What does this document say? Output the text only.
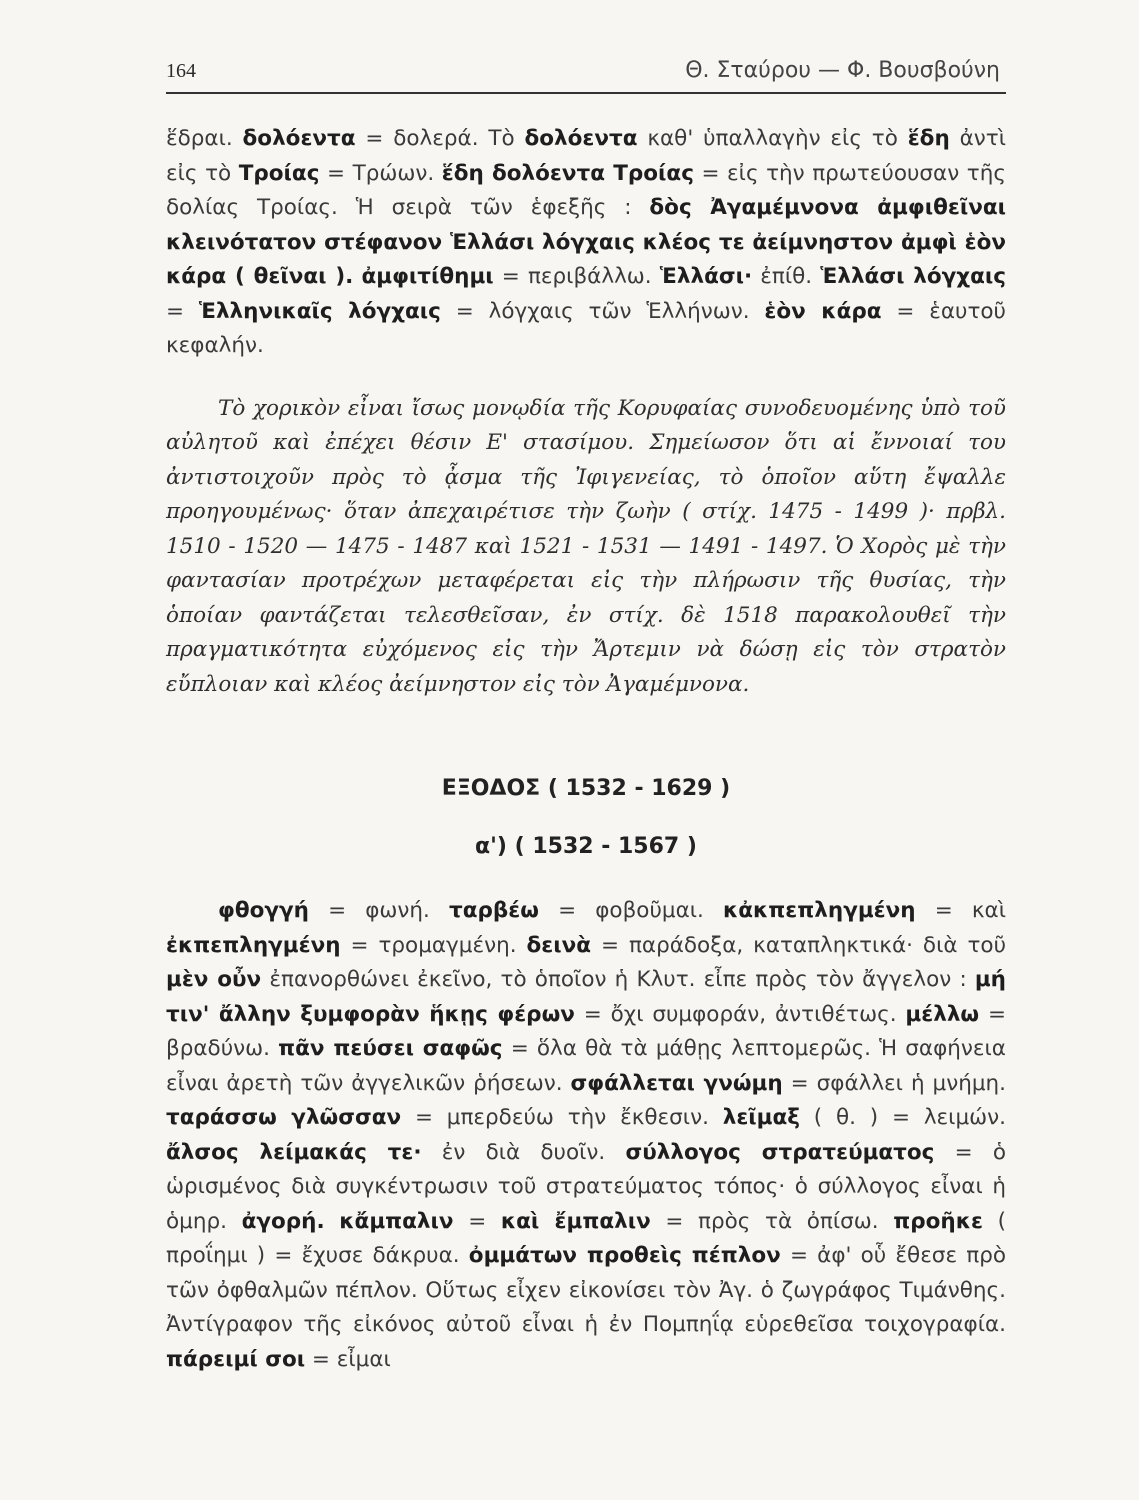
164	Θ. Σταύρου — Φ. Βουσβούνη

ἕδραι. δολόεντα = δολερά. Τὸ δολόεντα καθ' ὑπαλλαγὴν εἰς τὸ ἕδη ἀντὶ εἰς τὸ Τροίας = Τρώων. ἕδη δολόεντα Τροίας = εἰς τὴν πρωτεύουσαν τῆς δολίας Τροίας. Ἡ σειρὰ τῶν ἑφεξῆς : δὸς Ἀγαμέμνονα ἀμφιθεῖναι κλεινότατον στέφανον Ἑλλάσι λόγχαις κλέος τε ἀείμνηστον ἀμφὶ ἑὸν κάρα ( θεῖναι ). ἀμφιτίθημι = περιβάλλω. Ἑλλάσι· ἐπίθ. Ἑλλάσι λόγχαις = Ἑλληνικαῖς λόγχαις = λόγχαις τῶν Ἑλλήνων. ἑὸν κάρα = ἑαυτοῦ κεφαλήν.

Τὸ χορικὸν εἶναι ἴσως μονῳδία τῆς Κορυφαίας συνοδευομένης ὑπὸ τοῦ αὐλητοῦ καὶ ἐπέχει θέσιν Ε' στασίμου. Σημείωσον ὅτι αἱ ἔννοιαί του ἀντιστοιχοῦν πρὸς τὸ ᾆσμα τῆς Ἰφιγενείας, τὸ ὁποῖον αὕτη ἔψαλλε προηγουμένως· ὅταν ἀπεχαιρέτισε τὴν ζωὴν ( στίχ. 1475 - 1499 )· πρβλ. 1510 - 1520 — 1475 - 1487 καὶ 1521 - 1531 — 1491 - 1497. Ὁ Χορὸς μὲ τὴν φαντασίαν προτρέχων μεταφέρεται εἰς τὴν πλήρωσιν τῆς θυσίας, τὴν ὁποίαν φαντάζεται τελεσθεῖσαν, ἐν στίχ. δὲ 1518 παρακολουθεῖ τὴν πραγματικότητα εὐχόμενος εἰς τὴν Ἄρτεμιν νὰ δώσῃ εἰς τὸν στρατὸν εὔπλοιαν καὶ κλέος ἀείμνηστον εἰς τὸν Ἀγαμέμνονα.

ΕΞΟΔΟΣ ( 1532 - 1629 )
α') ( 1532 - 1567 )

φθογγή = φωνή. ταρβέω = φοβοῦμαι. κἀκπεπληγμένη = καὶ ἐκπεπληγμένη = τρομαγμένη. δεινὰ = παράδοξα, καταπληκτικά· διὰ τοῦ μὲν οὖν ἐπανορθώνει ἐκεῖνο, τὸ ὁποῖον ἡ Κλυτ. εἶπε πρὸς τὸν ἄγγελον : μή τιν' ἄλλην ξυμφορὰν ἥκῃς φέρων = ὄχι συμφοράν, ἀντιθέτως. μέλλω = βραδύνω. πᾶν πεύσει σαφῶς = ὅλα θὰ τὰ μάθῃς λεπτομερῶς. Ἡ σαφήνεια εἶναι ἀρετὴ τῶν ἀγγελικῶν ῥήσεων. σφάλλεται γνώμη = σφάλλει ἡ μνήμη. ταράσσω γλῶσσαν = μπερδεύω τὴν ἔκθεσιν. λεῖμαξ ( θ. ) = λειμών. ἄλσος λείμακάς τε· ἐν διὰ δυοῖν. σύλλογος στρατεύματος = ὁ ὡρισμένος διὰ συγκέντρωσιν τοῦ στρατεύματος τόπος· ὁ σύλλογος εἶναι ἡ ὁμηρ. ἀγορή. κἄμπαλιν = καὶ ἔμπαλιν = πρὸς τὰ ὀπίσω. προῆκε ( προΐημι ) = ἔχυσε δάκρυα. ὀμμάτων προθεὶς πέπλον = ἀφ' οὗ ἔθεσε πρὸ τῶν ὀφθαλμῶν πέπλον. Οὕτως εἶχεν εἰκονίσει τὸν Ἀγ. ὁ ζωγράφος Τιμάνθης. Ἀντίγραφον τῆς εἰκόνος αὐτοῦ εἶναι ἡ ἐν Πομπηΐᾳ εὑρεθεῖσα τοιχογραφία. πάρειμί σοι = εἶμαι
